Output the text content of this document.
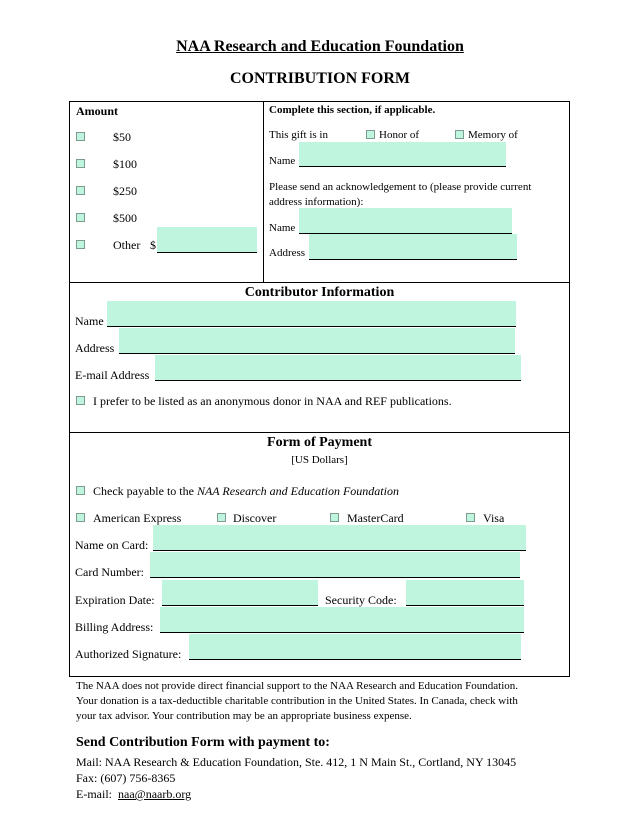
NAA Research and Education Foundation
CONTRIBUTION FORM
Amount
$50
$100
$250
$500
Other $
Complete this section, if applicable.
This gift is in	Honor of	Memory of
Name
Please send an acknowledgement to (please provide current
address information):
Name
Address
Contributor Information
Name
Address
E-mail Address
I prefer to be listed as an anonymous donor in NAA and REF publications.
Form of Payment
[US Dollars]
Check payable to the NAA Research and Education Foundation
American Express	Discover	MasterCard	Visa
Name on Card:
Card Number:
Expiration Date:	Security Code:
Billing Address:
Authorized Signature:
The NAA does not provide direct financial support to the NAA Research and Education Foundation.
Your donation is a tax-deductible charitable contribution in the United States. In Canada, check with
your tax advisor. Your contribution may be an appropriate business expense.
Send Contribution Form with payment to:
Mail: NAA Research & Education Foundation, Ste. 412, 1 N Main St., Cortland, NY 13045
Fax: (607) 756-8365
E-mail:  naa@naarb.org
